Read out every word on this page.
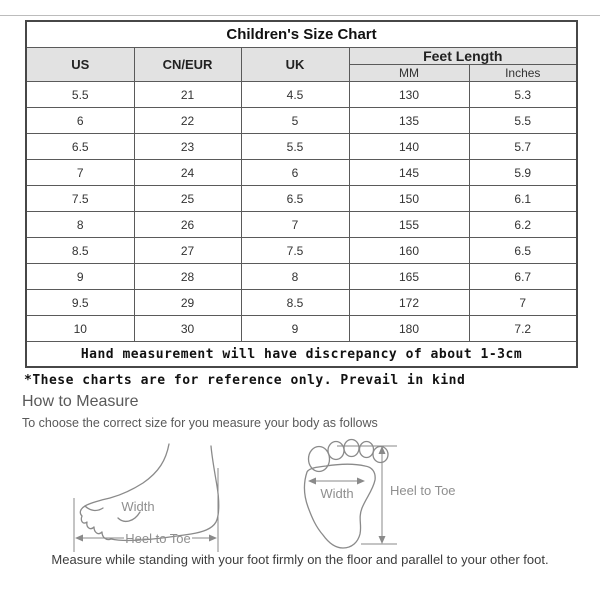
Children's Size Chart				
US	CN/EUR	UK	Feet Length	
			MM	Inches
5.5	21	4.5	130	5.3
6	22	5	135	5.5
6.5	23	5.5	140	5.7
7	24	6	145	5.9
7.5	25	6.5	150	6.1
8	26	7	155	6.2
8.5	27	7.5	160	6.5
9	28	8	165	6.7
9.5	29	8.5	172	7
10	30	9	180	7.2
Hand measurement will have discrepancy of about 1-3cm				
*These charts are for reference only. Prevail in kind
How to Measure
To choose the correct size for you measure your body as follows
Width
Heel to Toe
Width	Heel to Toe
Measure while standing with your foot firmly on the floor and parallel to your other foot.
